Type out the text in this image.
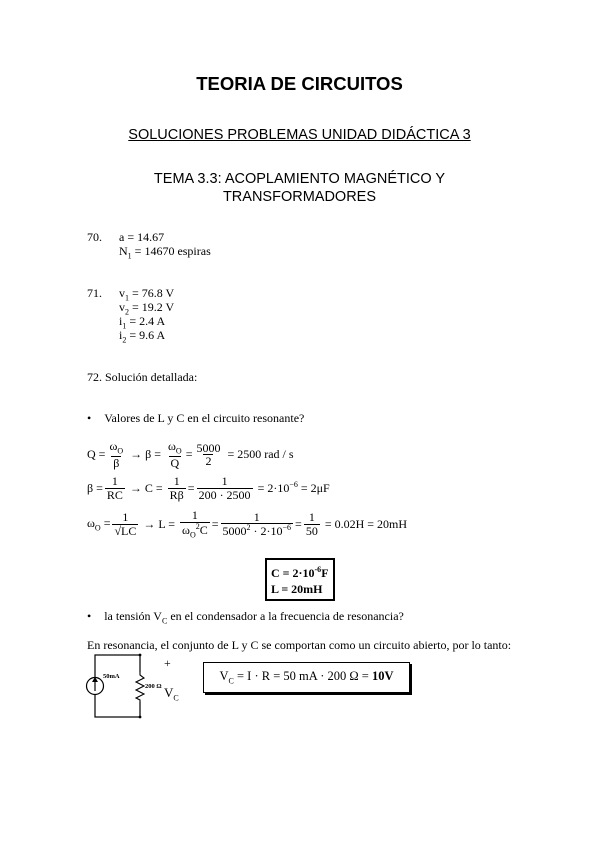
TEORIA DE CIRCUITOS
SOLUCIONES PROBLEMAS UNIDAD DIDÁCTICA 3
TEMA 3.3: ACOPLAMIENTO MAGNÉTICO Y
TRANSFORMADORES
70. a = 14.67
$N_1 = 14670$ espiras
71. $v_1 = 76.8$ V
$v_2 = 19.2$ V
$i_1 = 2.4$ A
$i_2 = 9.6$ A
72. Solución detallada:
• Valores de L y C en el circuito resonante?
$Q = \frac{\omega_O}{\beta} \to \beta = \frac{\omega_O}{Q} = \frac{5000}{2} = 2500$ rad / s
$\beta = \frac{1}{RC} \to C = \frac{1}{R\beta} = \frac{1}{200 \cdot 2500} = 2\cdot 10^{-6} = 2\mu F$
$\omega_O = \frac{1}{√LC} \to L = \frac{1}{\omega_O^2C} = \frac{1}{5000^2 \cdot 2\cdot 10^{-6}} = \frac{1}{50} = 0.02H = 20mH$
$C = 2\cdot 10^{-6}F$
L = 20mH
• la tensión $V_C$ en el condensador a la frecuencia de resonancia?
En resonancia, el conjunto de L y C se comportan como un circuito abierto, por lo tanto:
50mA
200 Ω
+
$V_C$
$V_C = I \cdot R = 50$ mA · 200 Ω = 10V
